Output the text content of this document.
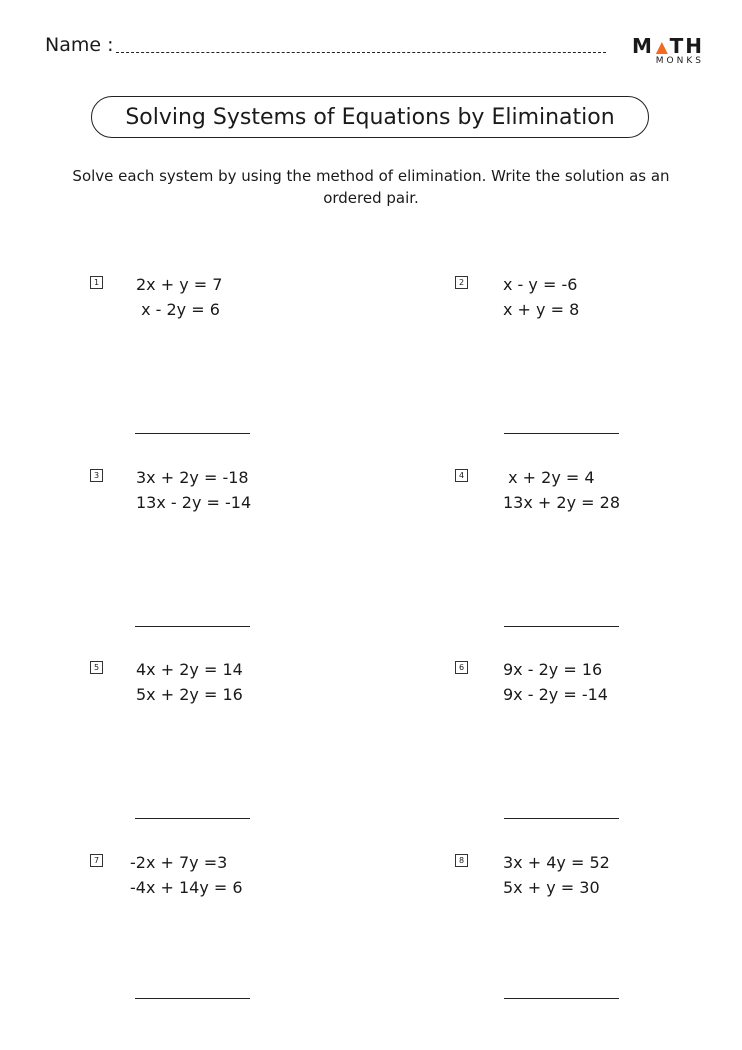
Name :	M TH
MONKS
Solving Systems of Equations by Elimination
Solve each system by using the method of elimination. Write the solution as an ordered pair.
1 2x + y = 7
x - 2y = 6
2 x - y = -6
x + y = 8
3 3x + 2y = -18
13x - 2y = -14
4 x + 2y = 4
13x + 2y = 28
5 4x + 2y = 14
5x + 2y = 16
6 9x - 2y = 16
9x - 2y = -14
7 -2x + 7y =3
-4x + 14y = 6
8 3x + 4y = 52
5x + y = 30
